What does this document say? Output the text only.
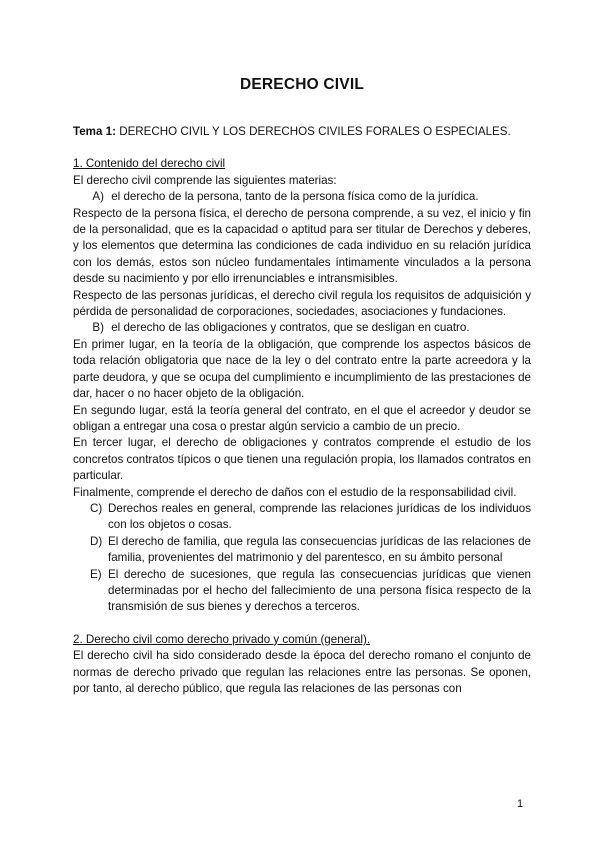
DERECHO CIVIL

Tema 1: DERECHO CIVIL Y LOS DERECHOS CIVILES FORALES O ESPECIALES.

1. Contenido del derecho civil

El derecho civil comprende las siguientes materias:

A) el derecho de la persona, tanto de la persona física como de la jurídica.

Respecto de la persona física, el derecho de persona comprende, a su vez, el inicio y fin de la personalidad, que es la capacidad o aptitud para ser titular de Derechos y deberes, y los elementos que determina las condiciones de cada individuo en su relación jurídica con los demás, estos son núcleo fundamentales íntimamente vinculados a la persona desde su nacimiento y por ello irrenunciables e intransmisibles.

Respecto de las personas jurídicas, el derecho civil regula los requisitos de adquisición y pérdida de personalidad de corporaciones, sociedades, asociaciones y fundaciones.

B) el derecho de las obligaciones y contratos, que se desligan en cuatro.

En primer lugar, en la teoría de la obligación, que comprende los aspectos básicos de toda relación obligatoria que nace de la ley o del contrato entre la parte acreedora y la parte deudora, y que se ocupa del cumplimiento e incumplimiento de las prestaciones de dar, hacer o no hacer objeto de la obligación.

En segundo lugar, está la teoría general del contrato, en el que el acreedor y deudor se obligan a entregar una cosa o prestar algún servicio a cambio de un precio.

En tercer lugar, el derecho de obligaciones y contratos comprende el estudio de los concretos contratos típicos o que tienen una regulación propia, los llamados contratos en particular.

Finalmente, comprende el derecho de daños con el estudio de la responsabilidad civil.

C) Derechos reales en general, comprende las relaciones jurídicas de los individuos con los objetos o cosas.

D) El derecho de familia, que regula las consecuencias jurídicas de las relaciones de familia, provenientes del matrimonio y del parentesco, en su ámbito personal

E) El derecho de sucesiones, que regula las consecuencias jurídicas que vienen determinadas por el hecho del fallecimiento de una persona física respecto de la transmisión de sus bienes y derechos a terceros.

2. Derecho civil como derecho privado y común (general).

El derecho civil ha sido considerado desde la época del derecho romano el conjunto de normas de derecho privado que regulan las relaciones entre las personas. Se oponen, por tanto, al derecho público, que regula las relaciones de las personas con

1
